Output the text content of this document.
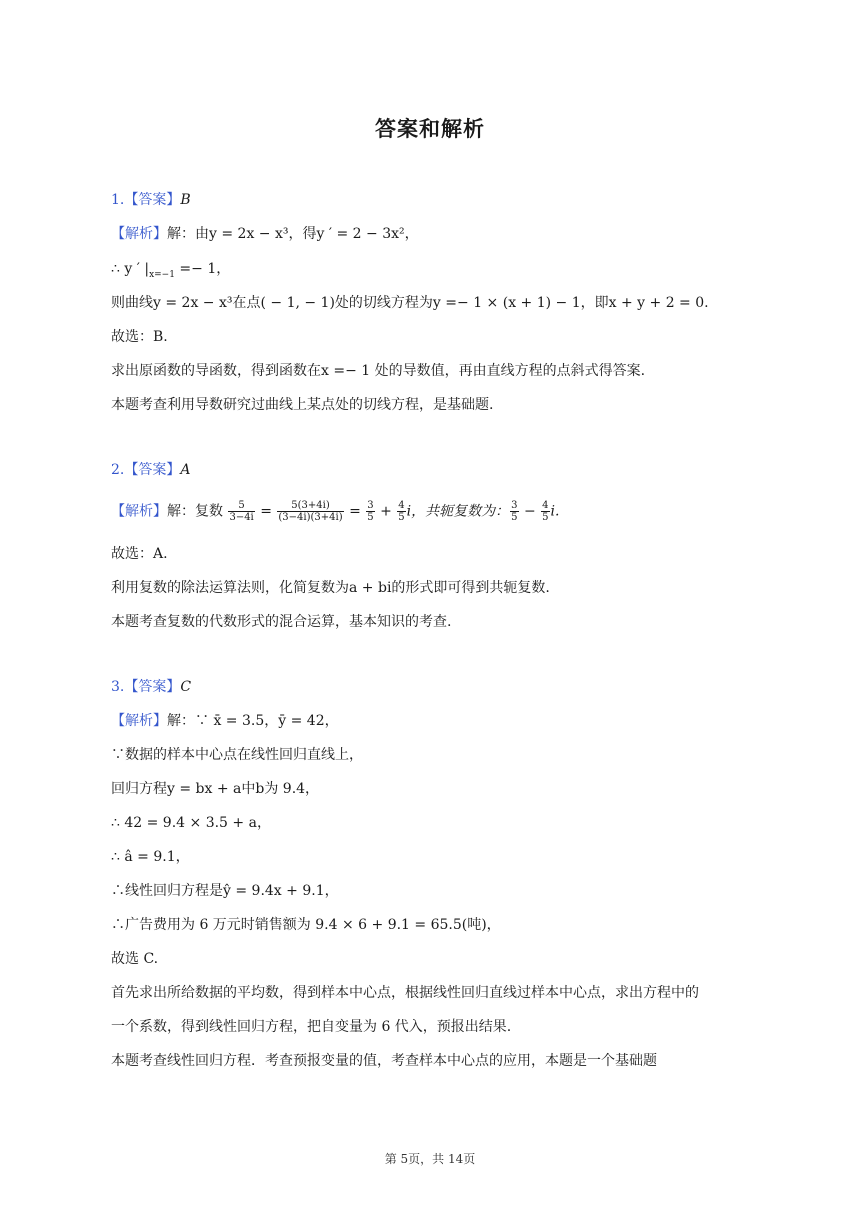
答案和解析
1.【答案】B
【解析】解：由y = 2x − x³，得y ′ = 2 − 3x²，
∴ y ′ $|_{x=-1} =- 1$，
则曲线y = 2x − x³在点( − 1, − 1)处的切线方程为y =− 1 × (x + 1) − 1，即x + y + 2 = 0.
故选：B.
求出原函数的导函数，得到函数在x =− 1 处的导数值，再由直线方程的点斜式得答案.
本题考查利用导数研究过曲线上某点处的切线方程，是基础题.
2.【答案】A
【解析】解：复数 $\frac{5}{3-4i} = \frac{5(3+4i)}{(3-4i)(3+4i)} = \frac{3}{5} + \frac{4}{5}$ i，共轭复数为： $\frac{3}{5} - \frac{4}{5} i$.
故选：A.
利用复数的除法运算法则，化简复数为a + bi的形式即可得到共轭复数.
本题考查复数的代数形式的混合运算，基本知识的考查.
3.【答案】C
【解析】解：∵ x̄ = 3.5，ȳ = 42，
∵数据的样本中心点在线性回归直线上，
回归方程y = bx + a中b为 9.4，
∴ 42 = 9.4 × 3.5 + a，
∴ â = 9.1，
∴线性回归方程是ŷ = 9.4x + 9.1，
∴广告费用为 6 万元时销售额为 9.4 × 6 + 9.1 = 65.5(吨)，
故选 C.
首先求出所给数据的平均数，得到样本中心点，根据线性回归直线过样本中心点，求出方程中的
一个系数，得到线性回归方程，把自变量为 6 代入，预报出结果.
本题考查线性回归方程．考查预报变量的值，考查样本中心点的应用，本题是一个基础题
第 5页，共 14页
